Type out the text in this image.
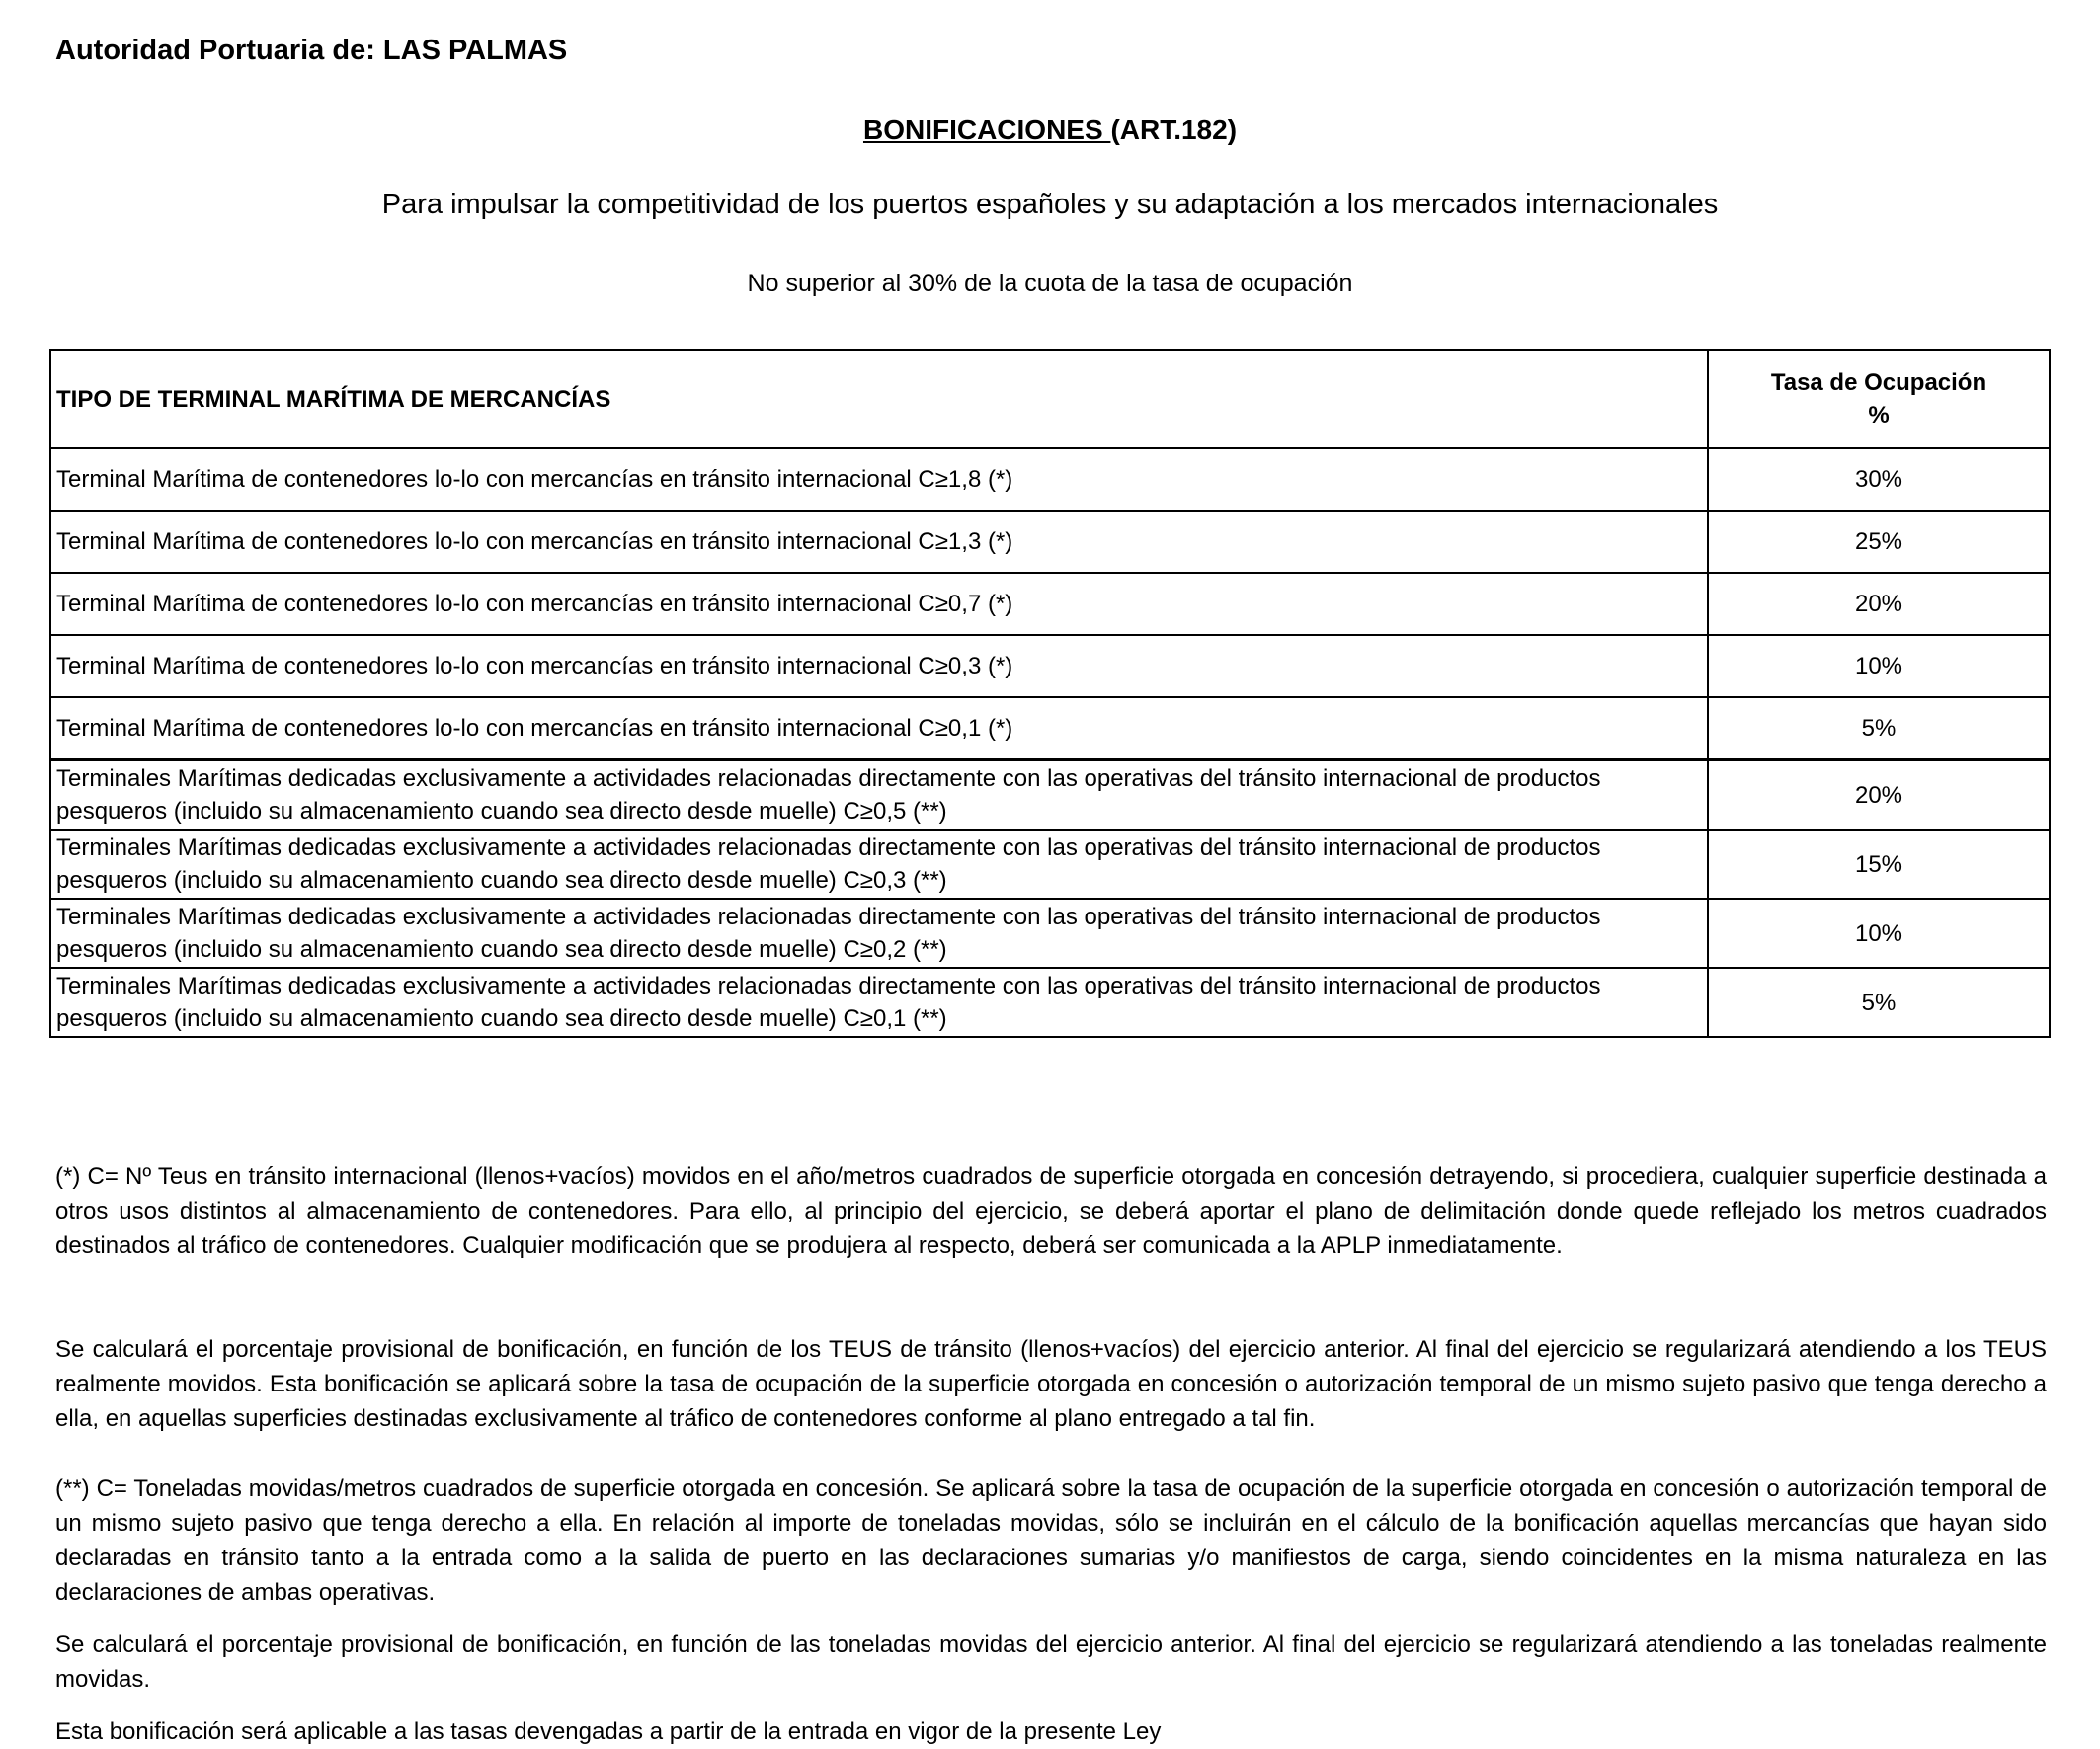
Autoridad Portuaria de: LAS PALMAS
BONIFICACIONES (ART.182)
Para impulsar la competitividad de los puertos españoles y su adaptación a los mercados internacionales
No superior al 30% de la cuota de la tasa de ocupación
TIPO DE TERMINAL MARÍTIMA DE MERCANCÍAS	Tasa de Ocupación
%
Terminal Marítima de contenedores lo-lo con mercancías en tránsito internacional C≥1,8 (*)	30%
Terminal Marítima de contenedores lo-lo con mercancías en tránsito internacional C≥1,3 (*)	25%
Terminal Marítima de contenedores lo-lo con mercancías en tránsito internacional C≥0,7 (*)	20%
Terminal Marítima de contenedores lo-lo con mercancías en tránsito internacional C≥0,3 (*)	10%
Terminal Marítima de contenedores lo-lo con mercancías en tránsito internacional C≥0,1 (*)	5%
Terminales Marítimas dedicadas exclusivamente a actividades relacionadas directamente con las operativas del tránsito internacional de productos pesqueros (incluido su almacenamiento cuando sea directo desde muelle) C≥0,5 (**)	20%
Terminales Marítimas dedicadas exclusivamente a actividades relacionadas directamente con las operativas del tránsito internacional de productos pesqueros (incluido su almacenamiento cuando sea directo desde muelle) C≥0,3 (**)	15%
Terminales Marítimas dedicadas exclusivamente a actividades relacionadas directamente con las operativas del tránsito internacional de productos pesqueros (incluido su almacenamiento cuando sea directo desde muelle) C≥0,2 (**)	10%
Terminales Marítimas dedicadas exclusivamente a actividades relacionadas directamente con las operativas del tránsito internacional de productos pesqueros (incluido su almacenamiento cuando sea directo desde muelle) C≥0,1 (**)	5%

(*) C= Nº Teus en tránsito internacional (llenos+vacíos) movidos en el año/metros cuadrados de superficie otorgada en concesión detrayendo, si procediera, cualquier superficie destinada a otros usos distintos al almacenamiento de contenedores. Para ello, al principio del ejercicio, se deberá aportar el plano de delimitación donde quede reflejado los metros cuadrados destinados al tráfico de contenedores. Cualquier modificación que se produjera al respecto, deberá ser comunicada a la APLP inmediatamente.

Se calculará el porcentaje provisional de bonificación, en función de los TEUS de tránsito (llenos+vacíos) del ejercicio anterior. Al final del ejercicio se regularizará atendiendo a los TEUS realmente movidos. Esta bonificación se aplicará sobre la tasa de ocupación de la superficie otorgada en concesión o autorización temporal de un mismo sujeto pasivo que tenga derecho a ella, en aquellas superficies destinadas exclusivamente al tráfico de contenedores conforme al plano entregado a tal fin.

(**) C= Toneladas movidas/metros cuadrados de superficie otorgada en concesión. Se aplicará sobre la tasa de ocupación de la superficie otorgada en concesión o autorización temporal de un mismo sujeto pasivo que tenga derecho a ella. En relación al importe de toneladas movidas, sólo se incluirán en el cálculo de la bonificación aquellas mercancías que hayan sido declaradas en tránsito tanto a la entrada como a la salida de puerto en las declaraciones sumarias y/o manifiestos de carga, siendo coincidentes en la misma naturaleza en las declaraciones de ambas operativas.

Se calculará el porcentaje provisional de bonificación, en función de las toneladas movidas del ejercicio anterior. Al final del ejercicio se regularizará atendiendo a las toneladas realmente movidas.

Esta bonificación será aplicable a las tasas devengadas a partir de la entrada en vigor de la presente Ley
